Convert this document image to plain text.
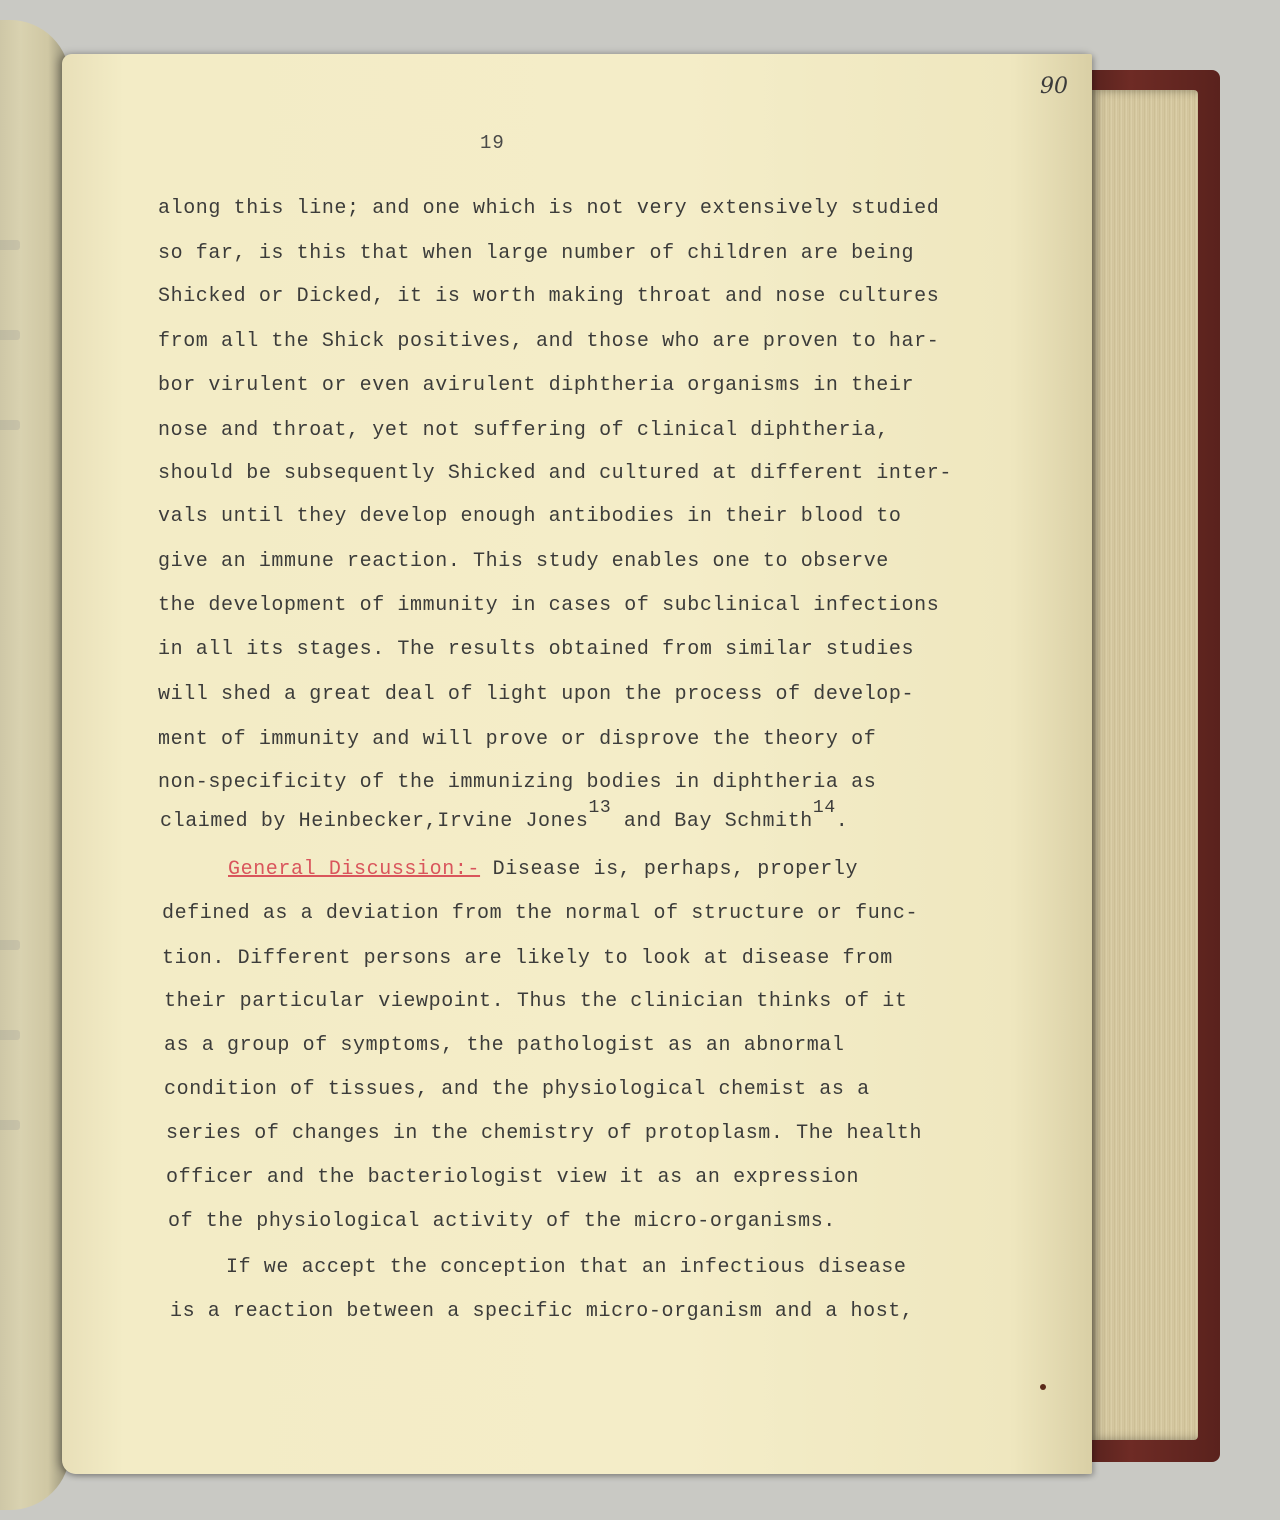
90
19
along this line; and one which is not very extensively studied
so far, is this that when large number of children are being
Shicked or Dicked, it is worth making throat and nose cultures
from all the Shick positives, and those who are proven to har-
bor virulent or even avirulent diphtheria organisms in their
nose and throat, yet not suffering of clinical diphtheria,
should be subsequently Shicked and cultured at different inter-
vals until they develop enough antibodies in their blood to
give an immune reaction. This study enables one to observe
the development of immunity in cases of subclinical infections
in all its stages. The results obtained from similar studies
will shed a great deal of light upon the process of develop-
ment of immunity and will prove or disprove the theory of
non-specificity of the immunizing bodies in diphtheria as
claimed by Heinbecker,Irvine Jones13 and Bay Schmith14.
General Discussion:- Disease is, perhaps, properly
defined as a deviation from the normal of structure or func-
tion. Different persons are likely to look at disease from
their particular viewpoint. Thus the clinician thinks of it
as a group of symptoms, the pathologist as an abnormal
condition of tissues, and the physiological chemist as a
series of changes in the chemistry of protoplasm. The health
officer and the bacteriologist view it as an expression
of the physiological activity of the micro-organisms.
If we accept the conception that an infectious disease
is a reaction between a specific micro-organism and a host,
